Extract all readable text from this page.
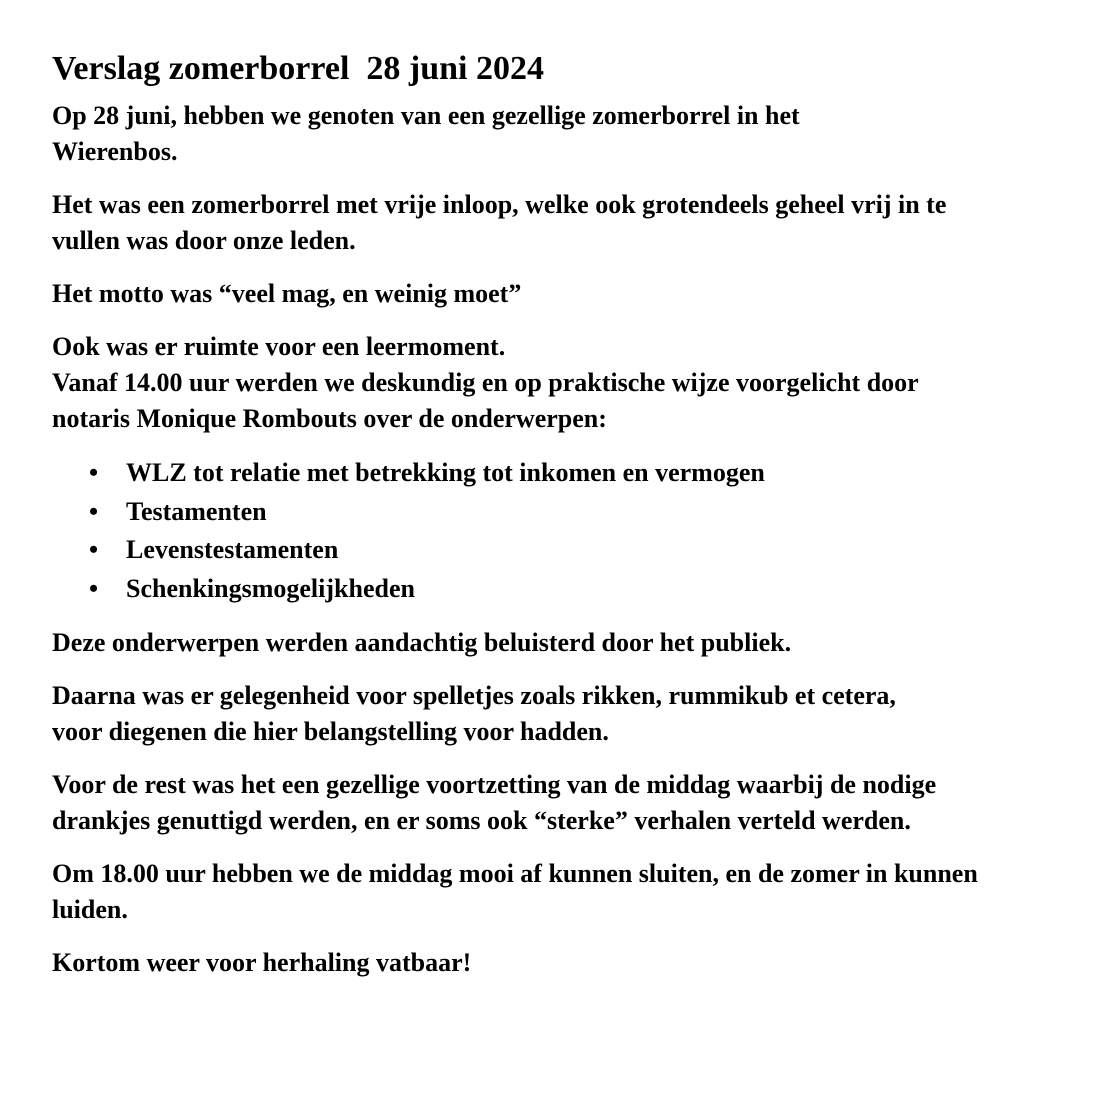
Verslag zomerborrel  28 juni 2024

Op 28 juni, hebben we genoten van een gezellige zomerborrel in het Wierenbos.

Het was een zomerborrel met vrije inloop, welke ook grotendeels geheel vrij in te vullen was door onze leden.

Het motto was “veel mag, en weinig moet”

Ook was er ruimte voor een leermoment.

Vanaf 14.00 uur werden we deskundig en op praktische wijze voorgelicht door notaris Monique Rombouts over de onderwerpen:

• WLZ tot relatie met betrekking tot inkomen en vermogen
• Testamenten
• Levenstestamenten
• Schenkingsmogelijkheden

Deze onderwerpen werden aandachtig beluisterd door het publiek.

Daarna was er gelegenheid voor spelletjes zoals rikken, rummikub et cetera, voor diegenen die hier belangstelling voor hadden.

Voor de rest was het een gezellige voortzetting van de middag waarbij de nodige drankjes genuttigd werden, en er soms ook “sterke” verhalen verteld werden.

Om 18.00 uur hebben we de middag mooi af kunnen sluiten, en de zomer in kunnen luiden.

Kortom weer voor herhaling vatbaar!
